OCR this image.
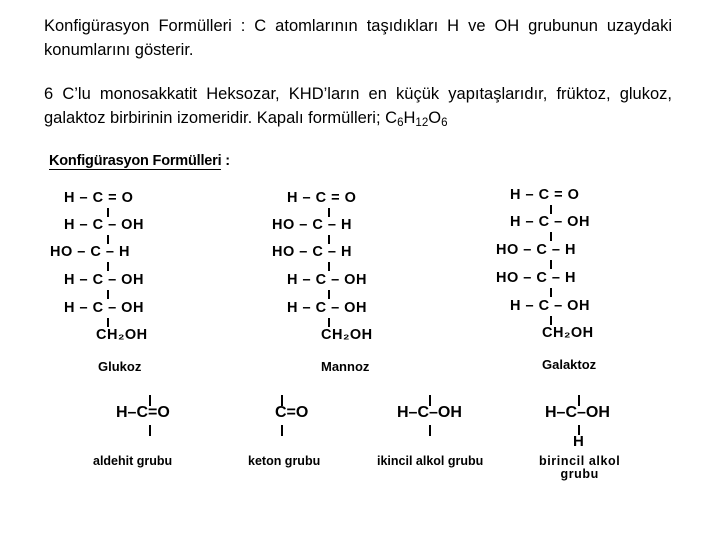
Konfigürasyon Formülleri : C atomlarının taşıdıkları H ve OH grubunun uzaydaki konumlarını gösterir.
6 C’lu monosakkatit Heksozar, KHD’ların en küçük yapıtaşlarıdır, früktoz, glukoz, galaktoz birbirinin izomeridir. Kapalı formülleri; $C_6H_{12}O_6$
Konfigürasyon Formülleri :
H – C = O
H – C – OH
HO – C – H
H – C – OH
H – C – OH
CH₂OH
Glukoz
H – C = O
HO – C – H
HO – C – H
H – C – OH
H – C – OH
CH₂OH
Mannoz
H – C = O
H – C – OH
HO – C – H
HO – C – H
H – C – OH
CH₂OH
Galaktoz
H–C=O
aldehit grubu
C=O
keton grubu
H–C–OH
ikincil alkol grubu
H–C–OH
H
birincil alkol
grubu
